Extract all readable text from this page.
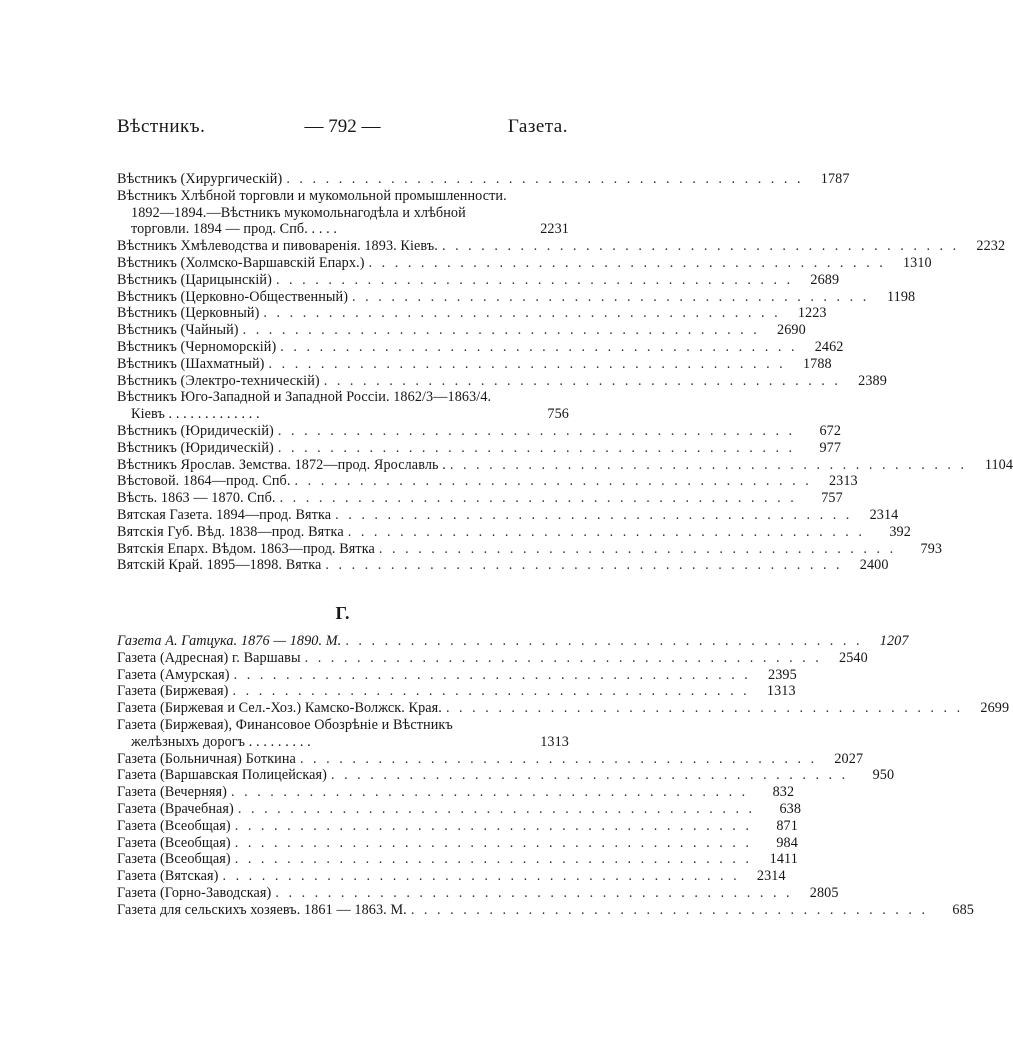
Вѣстникъ.	— 792 —	Газета.
Вѣстникъ (Хирургическій) . . . . . . . . . . . . . . . . . . . . . . . . . . . . . . . . . . . . . . . .	1787
Вѣстникъ Хлѣбной торговли и мукомольной промышленности. 1892—1894.—Вѣстникъ мукомольнагодѣла и хлѣбной торговли. 1894 — прод. Спб. . . . .	2231
Вѣстникъ Хмѣлеводства и пивоваренія. 1893. Кіевъ. . . . . . . . . . . . . . . . . . . . . . . . . . . . . . . . . . . . . . . . .	2232
Вѣстникъ (Холмско-Варшавскій Епарх.) . . . . . . . . . . . . . . . . . . . . . . . . . . . . . . . . . . . . . . . .	1310
Вѣстникъ (Царицынскій) . . . . . . . . . . . . . . . . . . . . . . . . . . . . . . . . . . . . . . . .	2689
Вѣстникъ (Церковно-Общественный) . . . . . . . . . . . . . . . . . . . . . . . . . . . . . . . . . . . . . . . .	1198
Вѣстникъ (Церковный) . . . . . . . . . . . . . . . . . . . . . . . . . . . . . . . . . . . . . . . .	1223
Вѣстникъ (Чайный) . . . . . . . . . . . . . . . . . . . . . . . . . . . . . . . . . . . . . . . .	2690
Вѣстникъ (Черноморскій) . . . . . . . . . . . . . . . . . . . . . . . . . . . . . . . . . . . . . . . .	2462
Вѣстникъ (Шахматный) . . . . . . . . . . . . . . . . . . . . . . . . . . . . . . . . . . . . . . . .	1788
Вѣстникъ (Электро-техническій) . . . . . . . . . . . . . . . . . . . . . . . . . . . . . . . . . . . . . . . .	2389
Вѣстникъ Юго-Западной и Западной Россіи. 1862/3—1863/4. Кіевъ . . . . . . . . . . . . .	756
Вѣстникъ (Юридическій) . . . . . . . . . . . . . . . . . . . . . . . . . . . . . . . . . . . . . . . .	672
Вѣстникъ (Юридическій) . . . . . . . . . . . . . . . . . . . . . . . . . . . . . . . . . . . . . . . .	977
Вѣстникъ Ярослав. Земства. 1872—прод. Ярославль . . . . . . . . . . . . . . . . . . . . . . . . . . . . . . . . . . . . . . . . .	1104
Вѣстовой. 1864—прод. Спб. . . . . . . . . . . . . . . . . . . . . . . . . . . . . . . . . . . . . . . . .	2313
Вѣсть. 1863 — 1870. Спб. . . . . . . . . . . . . . . . . . . . . . . . . . . . . . . . . . . . . . . . .	757
Вятская Газета. 1894—прод. Вятка . . . . . . . . . . . . . . . . . . . . . . . . . . . . . . . . . . . . . . . .	2314
Вятскія Губ. Вѣд. 1838—прод. Вятка . . . . . . . . . . . . . . . . . . . . . . . . . . . . . . . . . . . . . . . .	392
Вятскія Епарх. Вѣдом. 1863—прод. Вятка . . . . . . . . . . . . . . . . . . . . . . . . . . . . . . . . . . . . . . . .	793
Вятскій Край. 1895—1898. Вятка . . . . . . . . . . . . . . . . . . . . . . . . . . . . . . . . . . . . . . . .	2400
Г.
Газета А. Гатцука. 1876 — 1890. М. . . . . . . . . . . . . . . . . . . . . . . . . . . . . . . . . . . . . . . . .	1207
Газета (Адресная) г. Варшавы . . . . . . . . . . . . . . . . . . . . . . . . . . . . . . . . . . . . . . . .	2540
Газета (Амурская) . . . . . . . . . . . . . . . . . . . . . . . . . . . . . . . . . . . . . . . .	2395
Газета (Биржевая) . . . . . . . . . . . . . . . . . . . . . . . . . . . . . . . . . . . . . . . .	1313
Газета (Биржевая и Сел.-Хоз.) Камско-Волжск. Края. . . . . . . . . . . . . . . . . . . . . . . . . . . . . . . . . . . . . . . . .	2699
Газета (Биржевая), Финансовое Обозрѣніе и Вѣстникъ желѣзныхъ дорогъ . . . . . . . . .	1313
Газета (Больничная) Боткина . . . . . . . . . . . . . . . . . . . . . . . . . . . . . . . . . . . . . . . .	2027
Газета (Варшавская Полицейская) . . . . . . . . . . . . . . . . . . . . . . . . . . . . . . . . . . . . . . . .	950
Газета (Вечерняя) . . . . . . . . . . . . . . . . . . . . . . . . . . . . . . . . . . . . . . . .	832
Газета (Врачебная) . . . . . . . . . . . . . . . . . . . . . . . . . . . . . . . . . . . . . . . .	638
Газета (Всеобщая) . . . . . . . . . . . . . . . . . . . . . . . . . . . . . . . . . . . . . . . .	871
Газета (Всеобщая) . . . . . . . . . . . . . . . . . . . . . . . . . . . . . . . . . . . . . . . .	984
Газета (Всеобщая) . . . . . . . . . . . . . . . . . . . . . . . . . . . . . . . . . . . . . . . .	1411
Газета (Вятская) . . . . . . . . . . . . . . . . . . . . . . . . . . . . . . . . . . . . . . . .	2314
Газета (Горно-Заводская) . . . . . . . . . . . . . . . . . . . . . . . . . . . . . . . . . . . . . . . .	2805
Газета для сельскихъ хозяевъ. 1861 — 1863. М. . . . . . . . . . . . . . . . . . . . . . . . . . . . . . . . . . . . . . . . .	685
